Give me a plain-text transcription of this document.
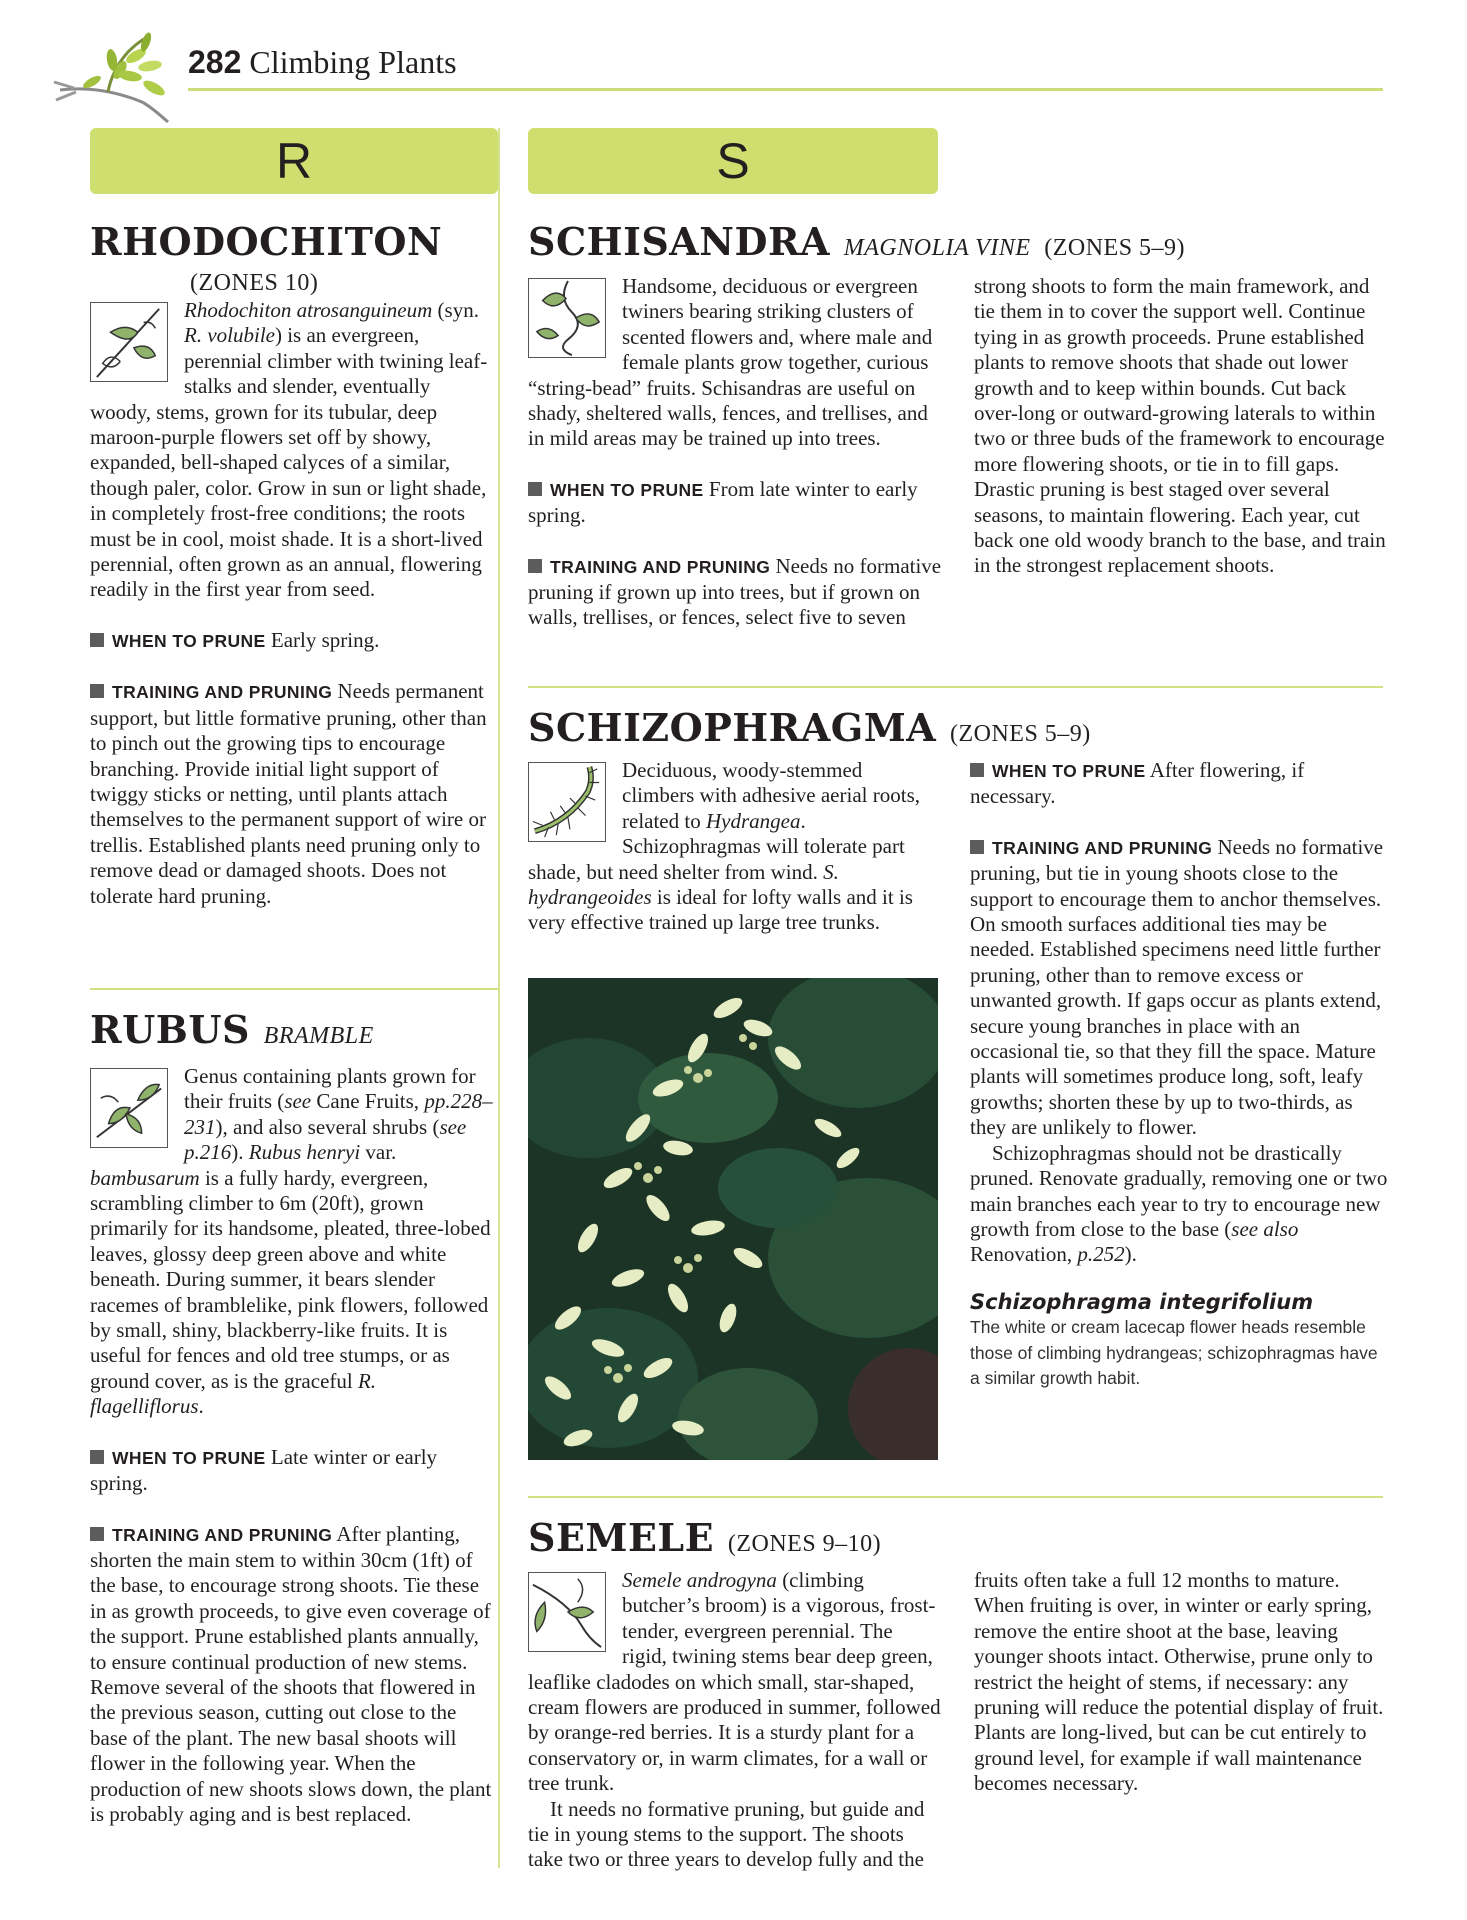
282 Climbing Plants
R	S
RHODOCHITON
(ZONES 10)

Rhodochiton atrosanguineum (syn. R. volubile) is an evergreen, perennial climber with twining leaf-stalks and slender, eventually woody, stems, grown for its tubular, deep maroon-purple flowers set off by showy, expanded, bell-shaped calyces of a similar, though paler, color. Grow in sun or light shade, in completely frost-free conditions; the roots must be in cool, moist shade. It is a short-lived perennial, often grown as an annual, flowering readily in the first year from seed.

WHEN TO PRUNE Early spring.

TRAINING AND PRUNING Needs permanent support, but little formative pruning, other than to pinch out the growing tips to encourage branching. Provide initial light support of twiggy sticks or netting, until plants attach themselves to the permanent support of wire or trellis. Established plants need pruning only to remove dead or damaged shoots. Does not tolerate hard pruning.

RUBUS BRAMBLE

Genus containing plants grown for their fruits (see Cane Fruits, pp.228–231), and also several shrubs (see p.216). Rubus henryi var. bambusarum is a fully hardy, evergreen, scrambling climber to 6m (20ft), grown primarily for its handsome, pleated, three-lobed leaves, glossy deep green above and white beneath. During summer, it bears slender racemes of bramblelike, pink flowers, followed by small, shiny, blackberry-like fruits. It is useful for fences and old tree stumps, or as ground cover, as is the graceful R. flagelliflorus.

WHEN TO PRUNE Late winter or early spring.

TRAINING AND PRUNING After planting, shorten the main stem to within 30cm (1ft) of the base, to encourage strong shoots. Tie these in as growth proceeds, to give even coverage of the support. Prune established plants annually, to ensure continual production of new stems. Remove several of the shoots that flowered in the previous season, cutting out close to the base of the plant. The new basal shoots will flower in the following year. When the production of new shoots slows down, the plant is probably aging and is best replaced.

SCHISANDRA MAGNOLIA VINE (ZONES 5–9)

Handsome, deciduous or evergreen twiners bearing striking clusters of scented flowers and, where male and female plants grow together, curious “string-bead” fruits. Schisandras are useful on shady, sheltered walls, fences, and trellises, and in mild areas may be trained up into trees.

WHEN TO PRUNE From late winter to early spring.

TRAINING AND PRUNING Needs no formative pruning if grown up into trees, but if grown on walls, trellises, or fences, select five to seven strong shoots to form the main framework, and tie them in to cover the support well. Continue tying in as growth proceeds. Prune established plants to remove shoots that shade out lower growth and to keep within bounds. Cut back over-long or outward-growing laterals to within two or three buds of the framework to encourage more flowering shoots, or tie in to fill gaps. Drastic pruning is best staged over several seasons, to maintain flowering. Each year, cut back one old woody branch to the base, and train in the strongest replacement shoots.

SCHIZOPHRAGMA (ZONES 5–9)

Deciduous, woody-stemmed climbers with adhesive aerial roots, related to Hydrangea. Schizophragmas will tolerate part shade, but need shelter from wind. S. hydrangeoides is ideal for lofty walls and it is very effective trained up large tree trunks.

WHEN TO PRUNE After flowering, if necessary.

TRAINING AND PRUNING Needs no formative pruning, but tie in young shoots close to the support to encourage them to anchor themselves. On smooth surfaces additional ties may be needed. Established specimens need little further pruning, other than to remove excess or unwanted growth. If gaps occur as plants extend, secure young branches in place with an occasional tie, so that they fill the space. Mature plants will sometimes produce long, soft, leafy growths; shorten these by up to two-thirds, as they are unlikely to flower.

Schizophragmas should not be drastically pruned. Renovate gradually, removing one or two main branches each year to try to encourage new growth from close to the base (see also Renovation, p.252).

Schizophragma integrifolium
The white or cream lacecap flower heads resemble those of climbing hydrangeas; schizophragmas have a similar growth habit.
SEMELE (ZONES 9–10)

Semele androgyna (climbing butcher’s broom) is a vigorous, frost-tender, evergreen perennial. The rigid, twining stems bear deep green, leaflike cladodes on which small, star-shaped, cream flowers are produced in summer, followed by orange-red berries. It is a sturdy plant for a conservatory or, in warm climates, for a wall or tree trunk.

It needs no formative pruning, but guide and tie in young stems to the support. The shoots take two or three years to develop fully and the fruits often take a full 12 months to mature. When fruiting is over, in winter or early spring, remove the entire shoot at the base, leaving younger shoots intact. Otherwise, prune only to restrict the height of stems, if necessary: any pruning will reduce the potential display of fruit. Plants are long-lived, but can be cut entirely to ground level, for example if wall maintenance becomes necessary.
